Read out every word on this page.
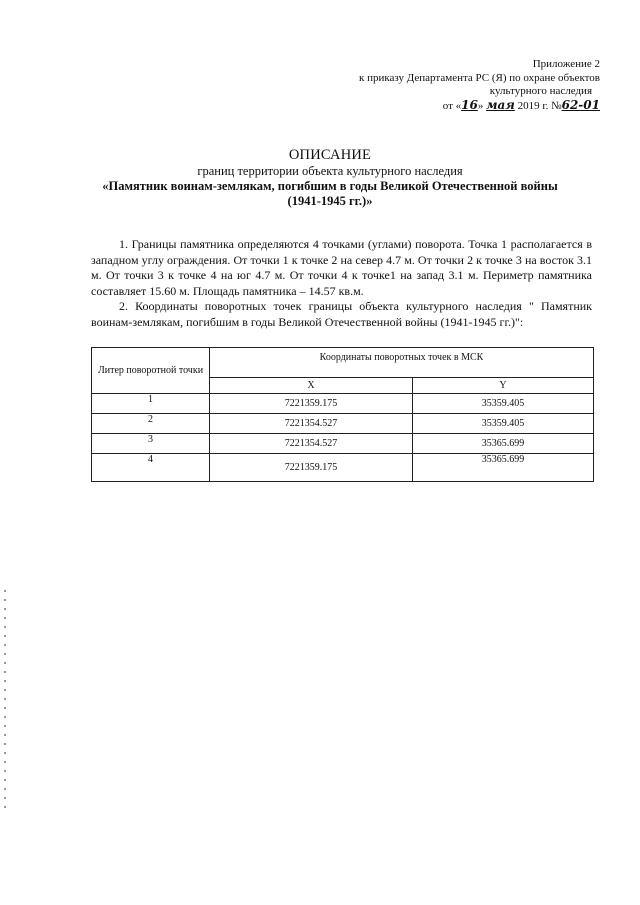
Приложение 2
к приказу Департамента РС (Я) по охране объектов
культурного наследия
от «16» мая 2019 г. №62-01
ОПИСАНИЕ
границ территории объекта культурного наследия
«Памятник воинам-землякам, погибшим в годы Великой Отечественной войны
(1941-1945 гг.)»

1. Границы памятника определяются 4 точками (углами) поворота. Точка 1 располагается в западном углу ограждения. От точки 1 к точке 2 на север 4.7 м. От точки 2 к точке 3 на восток 3.1 м. От точки 3 к точке 4 на юг 4.7 м. От точки 4 к точке1 на запад 3.1 м. Периметр памятника составляет 15.60 м. Площадь памятника – 14.57 кв.м.

2. Координаты поворотных точек границы объекта культурного наследия " Памятник воинам-землякам, погибшим в годы Великой Отечественной войны (1941-1945 гг.)":

Литер поворотной точки	Координаты поворотных точек в МСК	
	X	Y
1	7221359.175	35359.405
2	7221354.527	35359.405
3	7221354.527	35365.699
4	7221359.175	35365.699
